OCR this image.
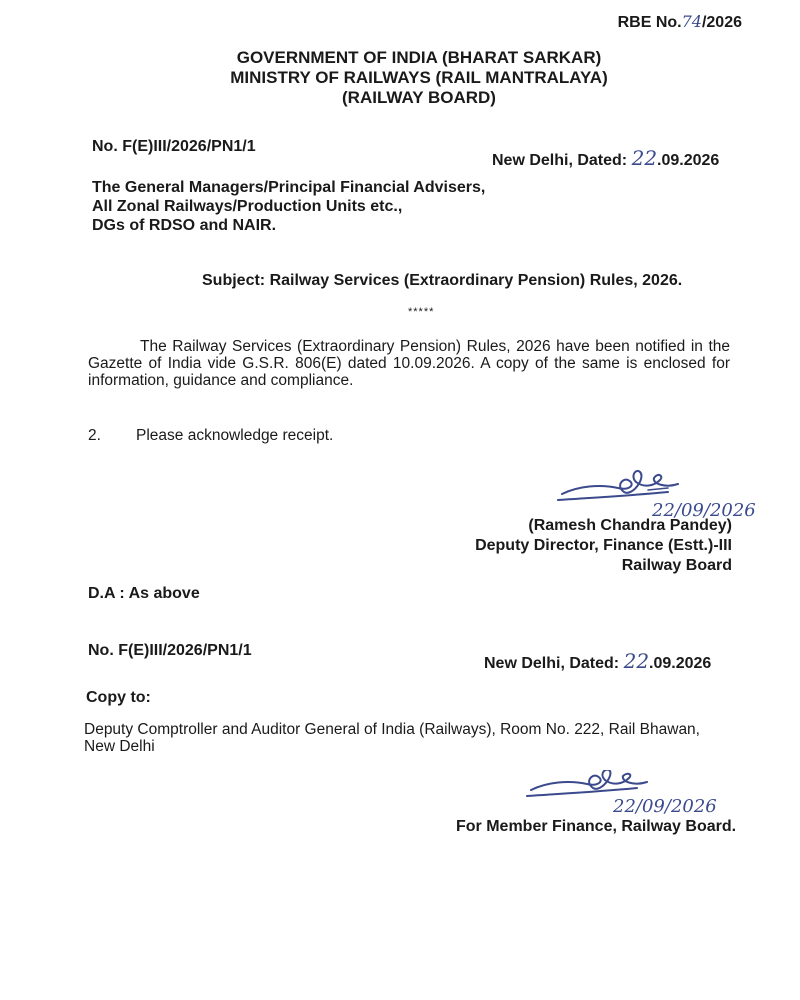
RBE No.74/2026
GOVERNMENT OF INDIA (BHARAT SARKAR)
MINISTRY OF RAILWAYS (RAIL MANTRALAYA)
(RAILWAY BOARD)
No. F(E)III/2026/PN1/1
New Delhi, Dated: 22.09.2026
The General Managers/Principal Financial Advisers,
All Zonal Railways/Production Units etc.,
DGs of RDSO and NAIR.
Subject: Railway Services (Extraordinary Pension) Rules, 2026.
*****
The Railway Services (Extraordinary Pension) Rules, 2026 have been notified in the Gazette of India vide G.S.R. 806(E) dated 10.09.2026. A copy of the same is enclosed for information, guidance and compliance.
2. Please acknowledge receipt.
22/09/2026
(Ramesh Chandra Pandey)
Deputy Director, Finance (Estt.)-III
Railway Board
D.A : As above
No. F(E)III/2026/PN1/1
New Delhi, Dated: 22.09.2026
Copy to:
Deputy Comptroller and Auditor General of India (Railways), Room No. 222, Rail Bhawan, New Delhi
22/09/2026
For Member Finance, Railway Board.
